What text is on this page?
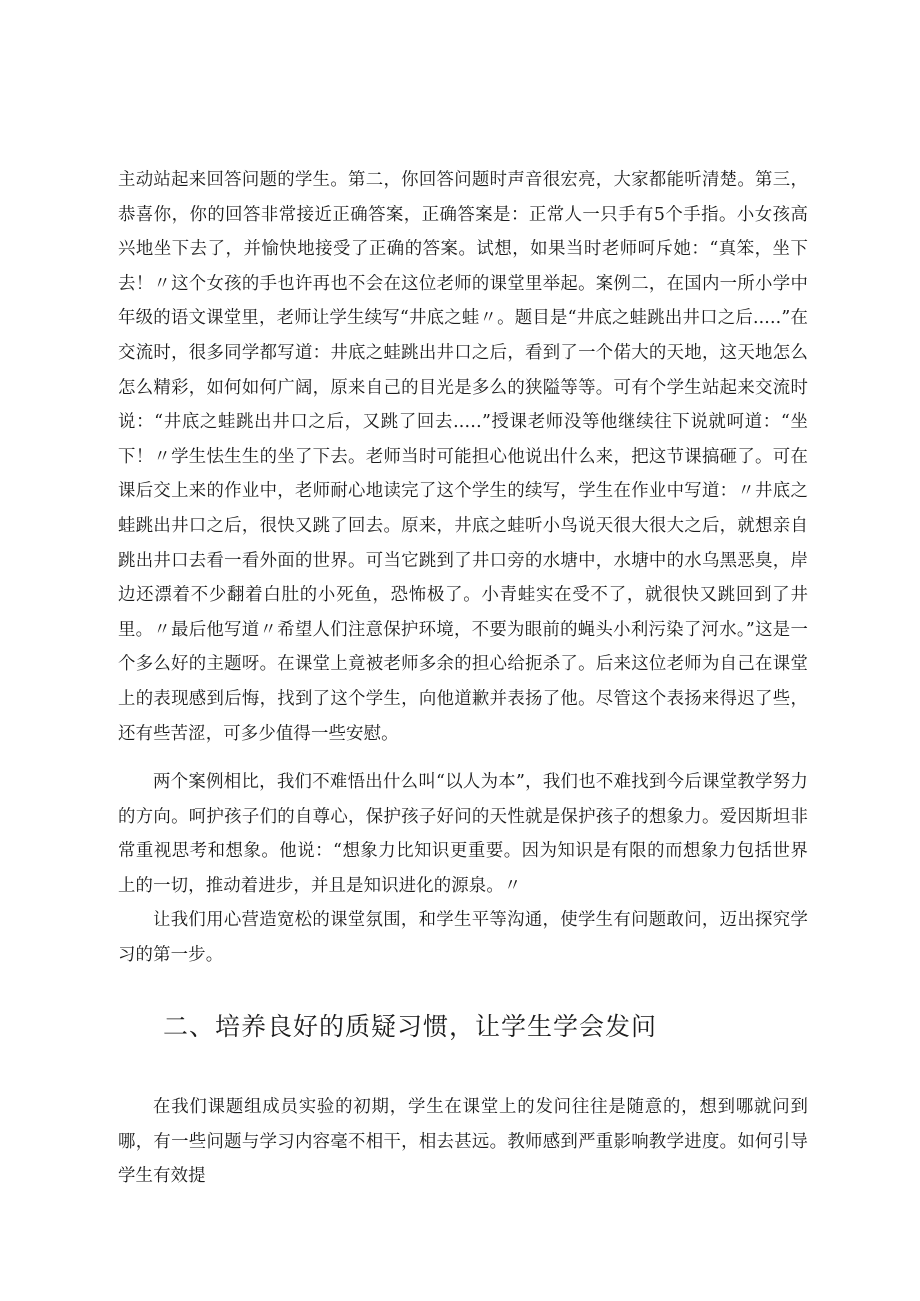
主动站起来回答问题的学生。第二，你回答问题时声音很宏亮，大家都能听清楚。第三，恭喜你，你的回答非常接近正确答案，正确答案是：正常人一只手有5个手指。小女孩高兴地坐下去了，并愉快地接受了正确的答案。试想，如果当时老师呵斥她：“真笨，坐下去！〃这个女孩的手也许再也不会在这位老师的课堂里举起。案例二，在国内一所小学中年级的语文课堂里，老师让学生续写“井底之蛙〃。题目是“井底之蛙跳出井口之后.....”在交流时，很多同学都写道：井底之蛙跳出井口之后，看到了一个偌大的天地，这天地怎么怎么精彩，如何如何广阔，原来自己的目光是多么的狭隘等等。可有个学生站起来交流时说：“井底之蛙跳出井口之后，又跳了回去..…”授课老师没等他继续往下说就呵道：“坐下！〃学生怯生生的坐了下去。老师当时可能担心他说出什么来，把这节课搞砸了。可在课后交上来的作业中，老师耐心地读完了这个学生的续写，学生在作业中写道：〃井底之蛙跳出井口之后，很快又跳了回去。原来，井底之蛙听小鸟说天很大很大之后，就想亲自跳出井口去看一看外面的世界。可当它跳到了井口旁的水塘中，水塘中的水乌黑恶臭，岸边还漂着不少翻着白肚的小死鱼，恐怖极了。小青蛙实在受不了，就很快又跳回到了井里。〃最后他写道〃希望人们注意保护环境，不要为眼前的蝇头小利污染了河水。”这是一个多么好的主题呀。在课堂上竟被老师多余的担心给扼杀了。后来这位老师为自己在课堂上的表现感到后悔，找到了这个学生，向他道歉并表扬了他。尽管这个表扬来得迟了些，还有些苦涩，可多少值得一些安慰。

两个案例相比，我们不难悟出什么叫“以人为本”，我们也不难找到今后课堂教学努力的方向。呵护孩子们的自尊心，保护孩子好问的天性就是保护孩子的想象力。爱因斯坦非常重视思考和想象。他说：“想象力比知识更重要。因为知识是有限的而想象力包括世界上的一切，推动着进步，并且是知识进化的源泉。〃

让我们用心营造宽松的课堂氛围，和学生平等沟通，使学生有问题敢问，迈出探究学习的第一步。

二、培养良好的质疑习惯，让学生学会发问

在我们课题组成员实验的初期，学生在课堂上的发问往往是随意的，想到哪就问到哪，有一些问题与学习内容毫不相干，相去甚远。教师感到严重影响教学进度。如何引导学生有效提
